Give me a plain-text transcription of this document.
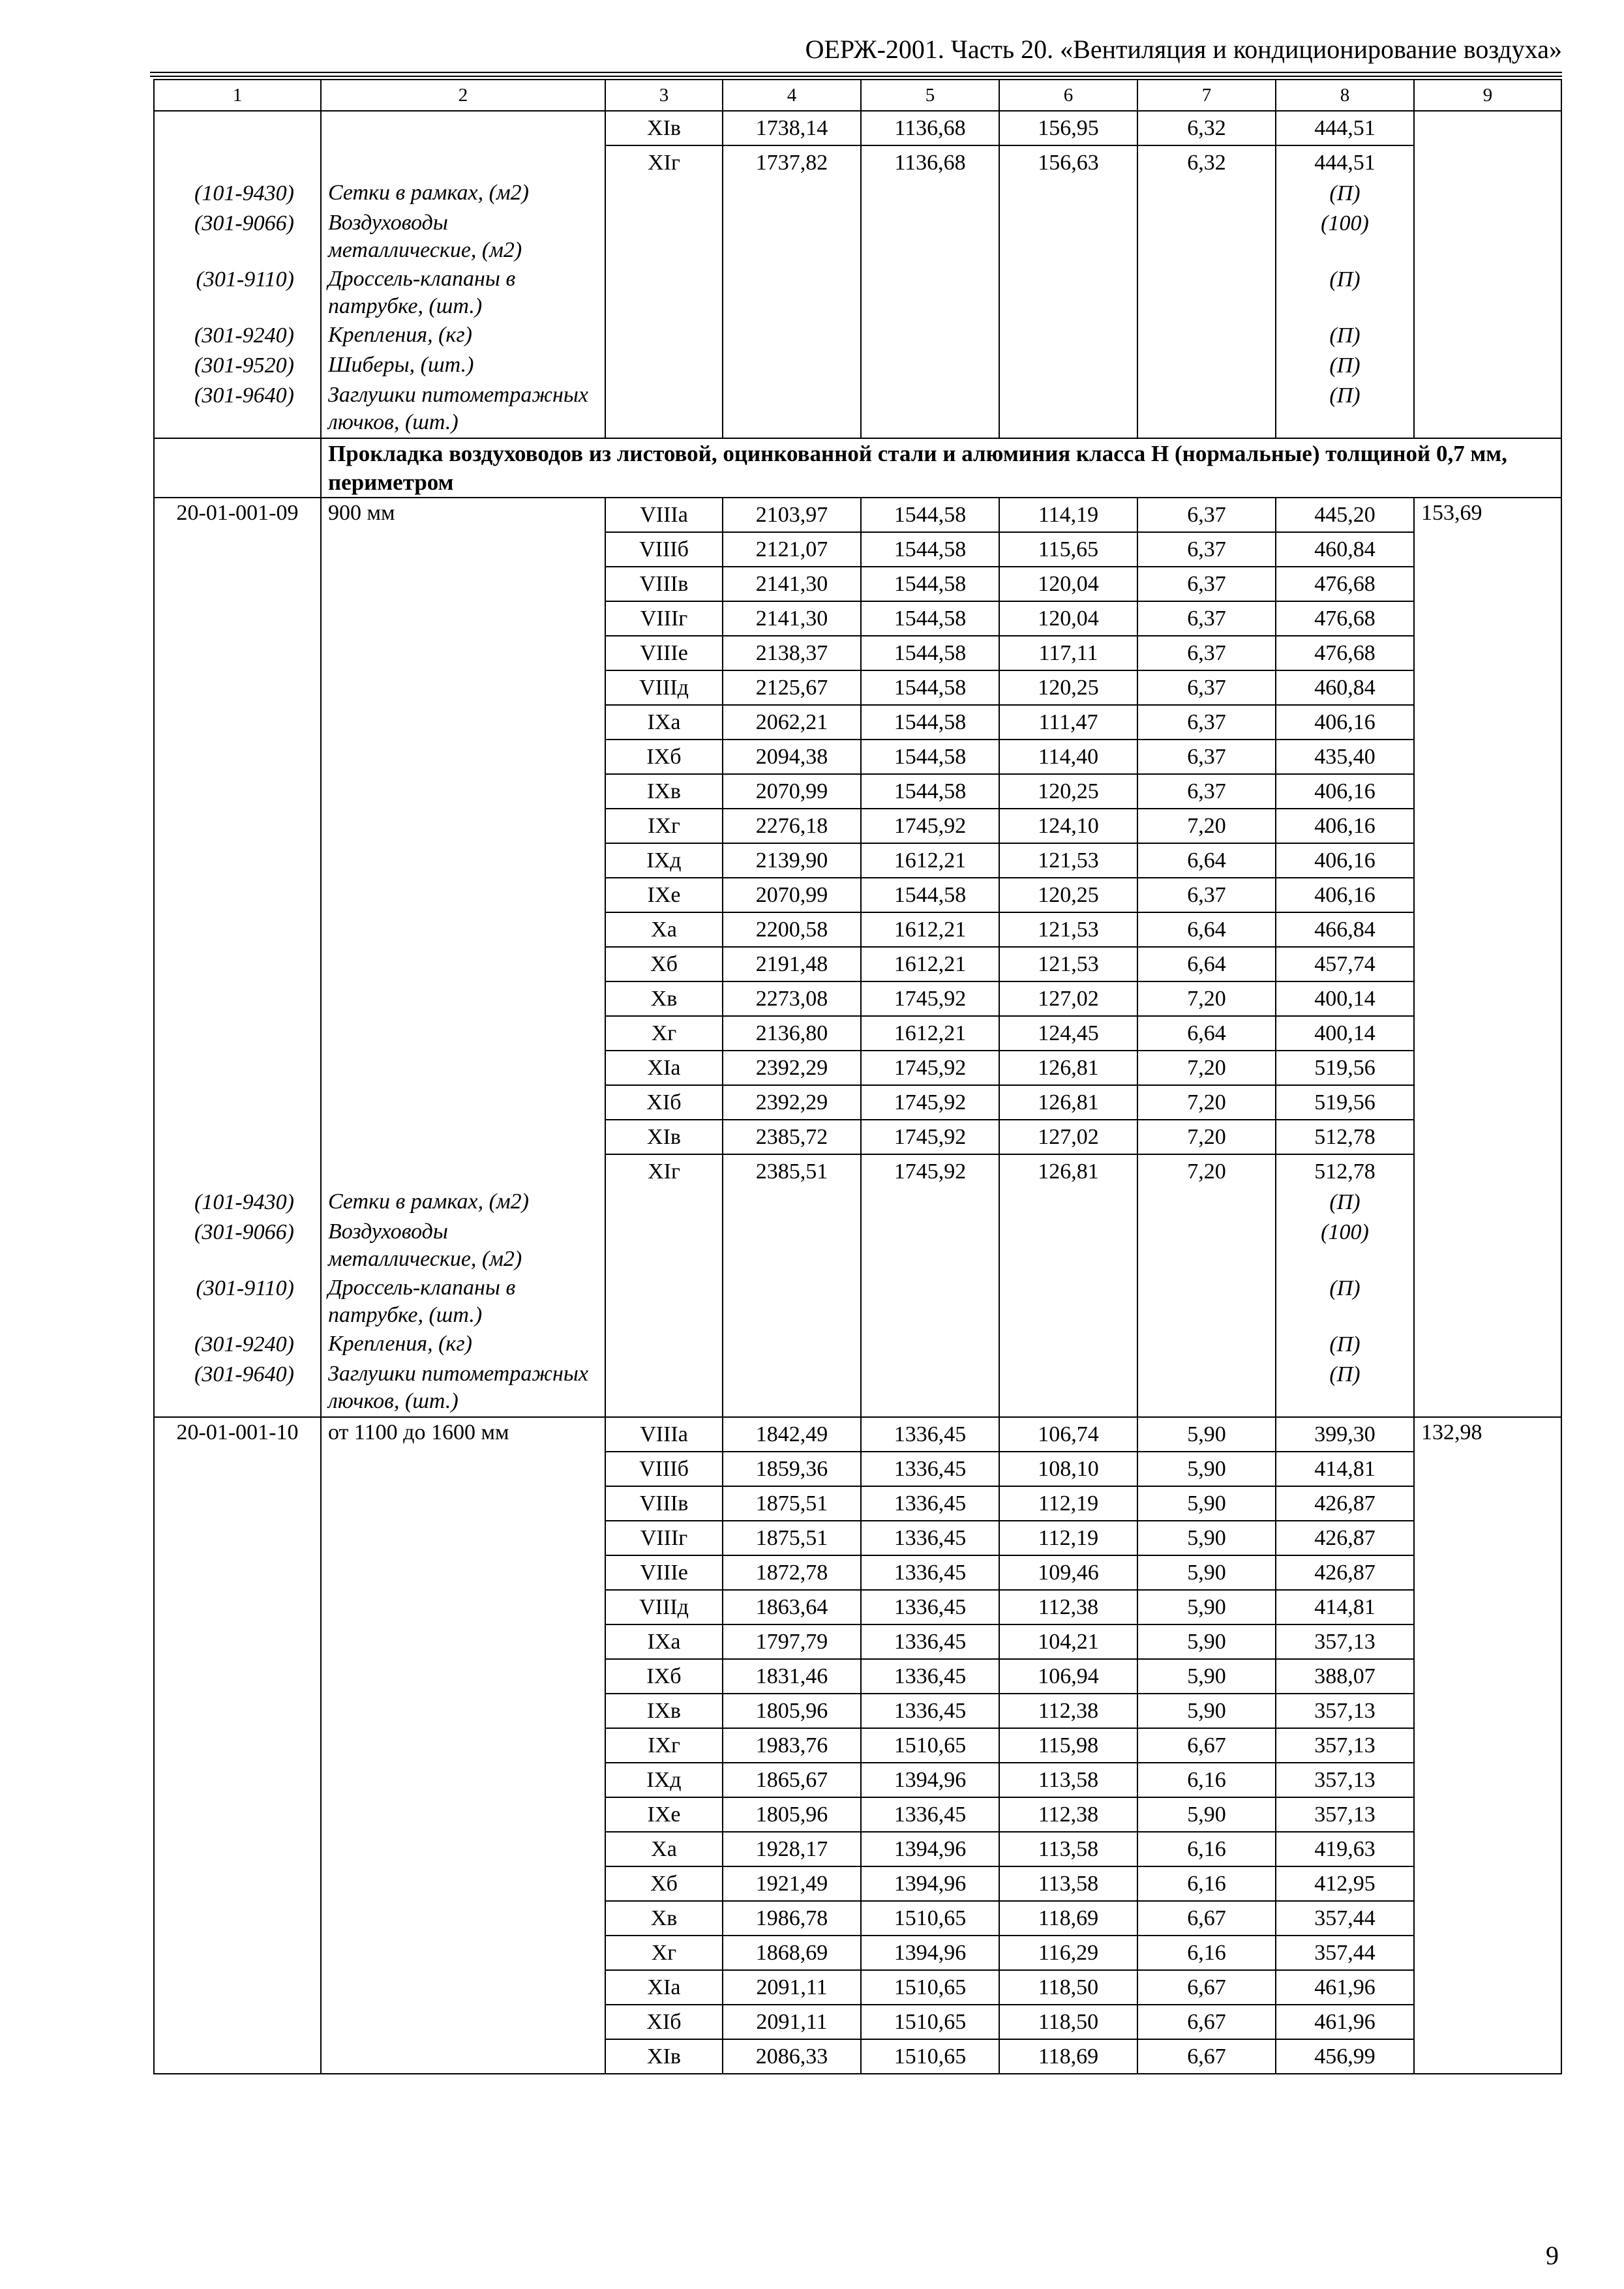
ОЕРЖ-2001. Часть 20. «Вентиляция и кондиционирование воздуха»
1	2	3	4	5	6	7	8	9
		XIв	1738,14	1136,68	156,95	6,32	444,51	
		XIг	1737,82	1136,68	156,63	6,32	444,51	
(101-9430)	Сетки в рамках, (м2)						(П)	
(301-9066)	Воздуховоды металлические, (м2)						(100)	
(301-9110)	Дроссель-клапаны в патрубке, (шт.)						(П)	
(301-9240)	Крепления, (кг)						(П)	
(301-9520)	Шиберы, (шт.)						(П)	
(301-9640)	Заглушки питометражных лючков, (шт.)						(П)	
	Прокладка воздуховодов из листовой, оцинкованной стали и алюминия класса Н (нормальные) толщиной 0,7 мм, периметром							
20-01-001-09	900 мм	VIIIа	2103,97	1544,58	114,19	6,37	445,20	153,69
		VIIIб	2121,07	1544,58	115,65	6,37	460,84	
		VIIIв	2141,30	1544,58	120,04	6,37	476,68	
		VIIIг	2141,30	1544,58	120,04	6,37	476,68	
		VIIIе	2138,37	1544,58	117,11	6,37	476,68	
		VIIIд	2125,67	1544,58	120,25	6,37	460,84	
		IXа	2062,21	1544,58	111,47	6,37	406,16	
		IXб	2094,38	1544,58	114,40	6,37	435,40	
		IXв	2070,99	1544,58	120,25	6,37	406,16	
		IXг	2276,18	1745,92	124,10	7,20	406,16	
		IXд	2139,90	1612,21	121,53	6,64	406,16	
		IXе	2070,99	1544,58	120,25	6,37	406,16	
		Xа	2200,58	1612,21	121,53	6,64	466,84	
		Xб	2191,48	1612,21	121,53	6,64	457,74	
		Xв	2273,08	1745,92	127,02	7,20	400,14	
		Xг	2136,80	1612,21	124,45	6,64	400,14	
		XIа	2392,29	1745,92	126,81	7,20	519,56	
		XIб	2392,29	1745,92	126,81	7,20	519,56	
		XIв	2385,72	1745,92	127,02	7,20	512,78	
		XIг	2385,51	1745,92	126,81	7,20	512,78	
(101-9430)	Сетки в рамках, (м2)						(П)	
(301-9066)	Воздуховоды металлические, (м2)						(100)	
(301-9110)	Дроссель-клапаны в патрубке, (шт.)						(П)	
(301-9240)	Крепления, (кг)						(П)	
(301-9640)	Заглушки питометражных лючков, (шт.)						(П)	
20-01-001-10	от 1100 до 1600 мм	VIIIа	1842,49	1336,45	106,74	5,90	399,30	132,98
		VIIIб	1859,36	1336,45	108,10	5,90	414,81	
		VIIIв	1875,51	1336,45	112,19	5,90	426,87	
		VIIIг	1875,51	1336,45	112,19	5,90	426,87	
		VIIIе	1872,78	1336,45	109,46	5,90	426,87	
		VIIIд	1863,64	1336,45	112,38	5,90	414,81	
		IXа	1797,79	1336,45	104,21	5,90	357,13	
		IXб	1831,46	1336,45	106,94	5,90	388,07	
		IXв	1805,96	1336,45	112,38	5,90	357,13	
		IXг	1983,76	1510,65	115,98	6,67	357,13	
		IXд	1865,67	1394,96	113,58	6,16	357,13	
		IXе	1805,96	1336,45	112,38	5,90	357,13	
		Xа	1928,17	1394,96	113,58	6,16	419,63	
		Xб	1921,49	1394,96	113,58	6,16	412,95	
		Xв	1986,78	1510,65	118,69	6,67	357,44	
		Xг	1868,69	1394,96	116,29	6,16	357,44	
		XIа	2091,11	1510,65	118,50	6,67	461,96	
		XIб	2091,11	1510,65	118,50	6,67	461,96	
		XIв	2086,33	1510,65	118,69	6,67	456,99	
9
